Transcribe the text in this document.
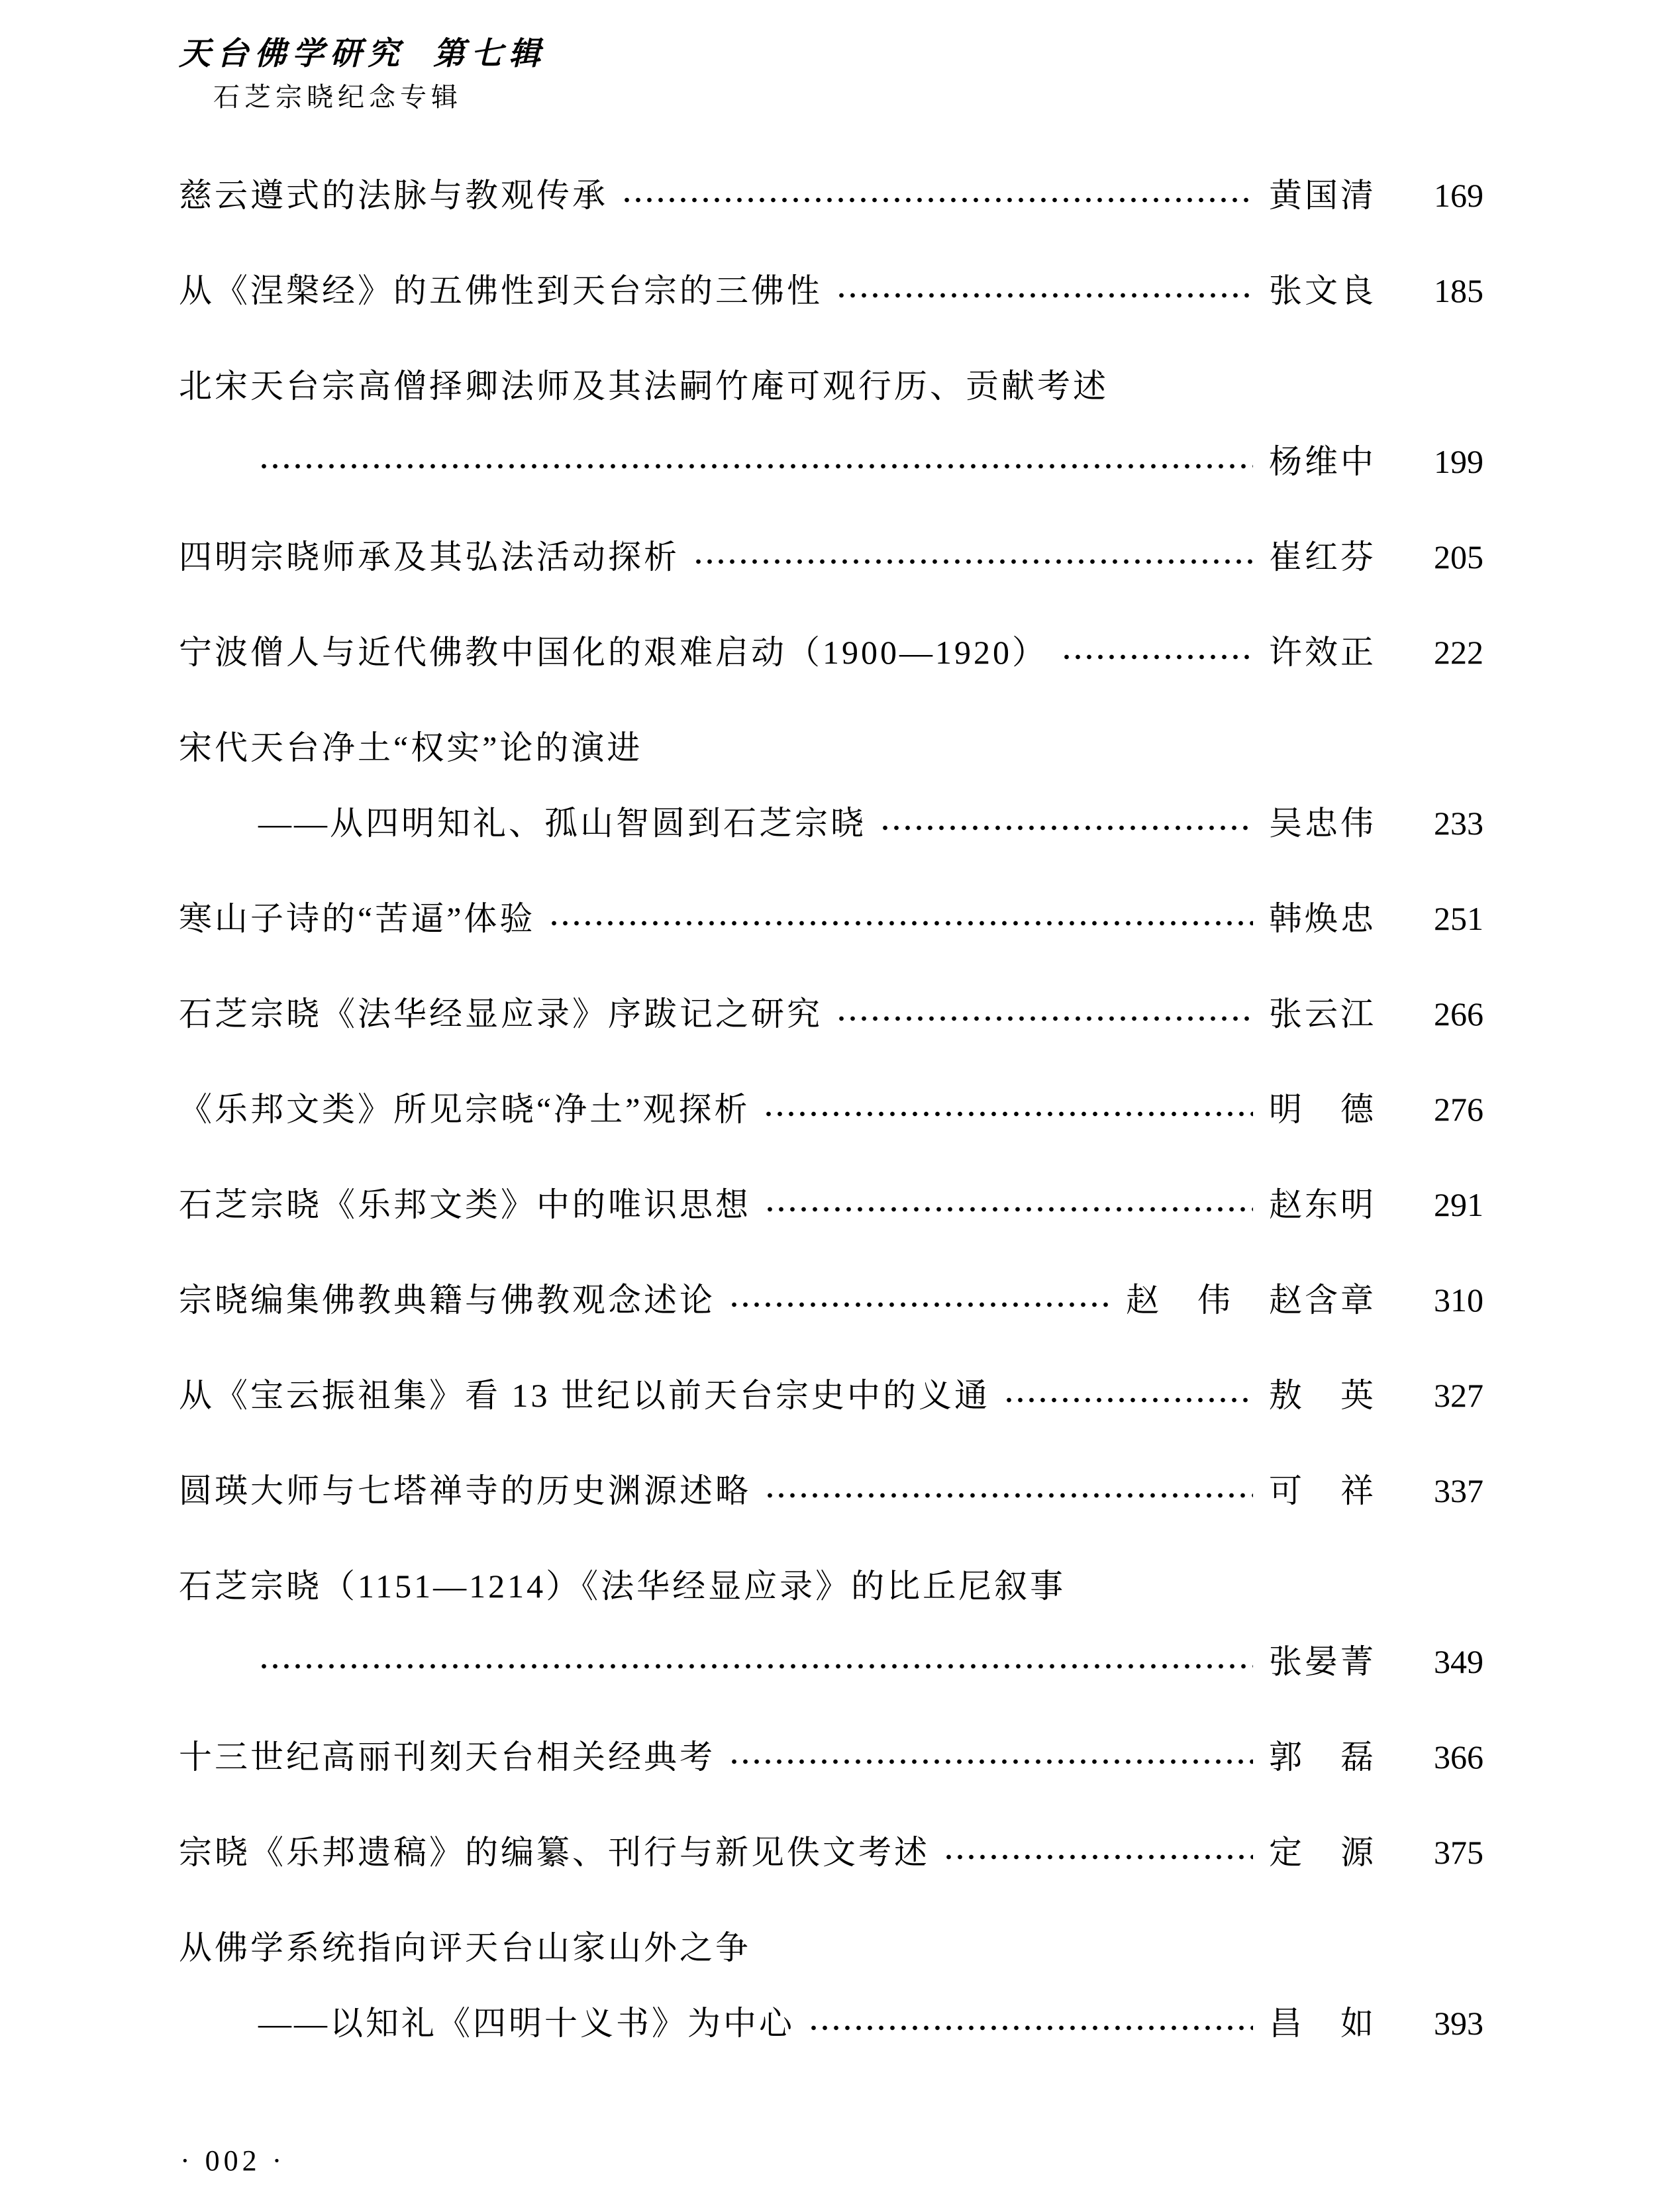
天台佛学研究  第七辑
石芝宗晓纪念专辑
慈云遵式的法脉与教观传承	黄国清	169
从《涅槃经》的五佛性到天台宗的三佛性	张文良	185
北宋天台宗高僧择卿法师及其法嗣竹庵可观行历、贡献考述
杨维中	199
四明宗晓师承及其弘法活动探析	崔红芬	205
宁波僧人与近代佛教中国化的艰难启动（1900—1920）	许效正	222
宋代天台净土“权实”论的演进
——从四明知礼、孤山智圆到石芝宗晓	吴忠伟	233
寒山子诗的“苦逼”体验	韩焕忠	251
石芝宗晓《法华经显应录》序跋记之研究	张云江	266
《乐邦文类》所见宗晓“净土”观探析	明　德	276
石芝宗晓《乐邦文类》中的唯识思想	赵东明	291
宗晓编集佛教典籍与佛教观念述论	赵　伟　赵含章	310
从《宝云振祖集》看 13 世纪以前天台宗史中的义通	敖　英	327
圆瑛大师与七塔禅寺的历史渊源述略	可　祥	337
石芝宗晓（1151—1214）《法华经显应录》的比丘尼叙事
张晏菁	349
十三世纪高丽刊刻天台相关经典考	郭　磊	366
宗晓《乐邦遗稿》的编纂、刊行与新见佚文考述	定　源	375
从佛学系统指向评天台山家山外之争
——以知礼《四明十义书》为中心	昌　如	393
· 002 ·
